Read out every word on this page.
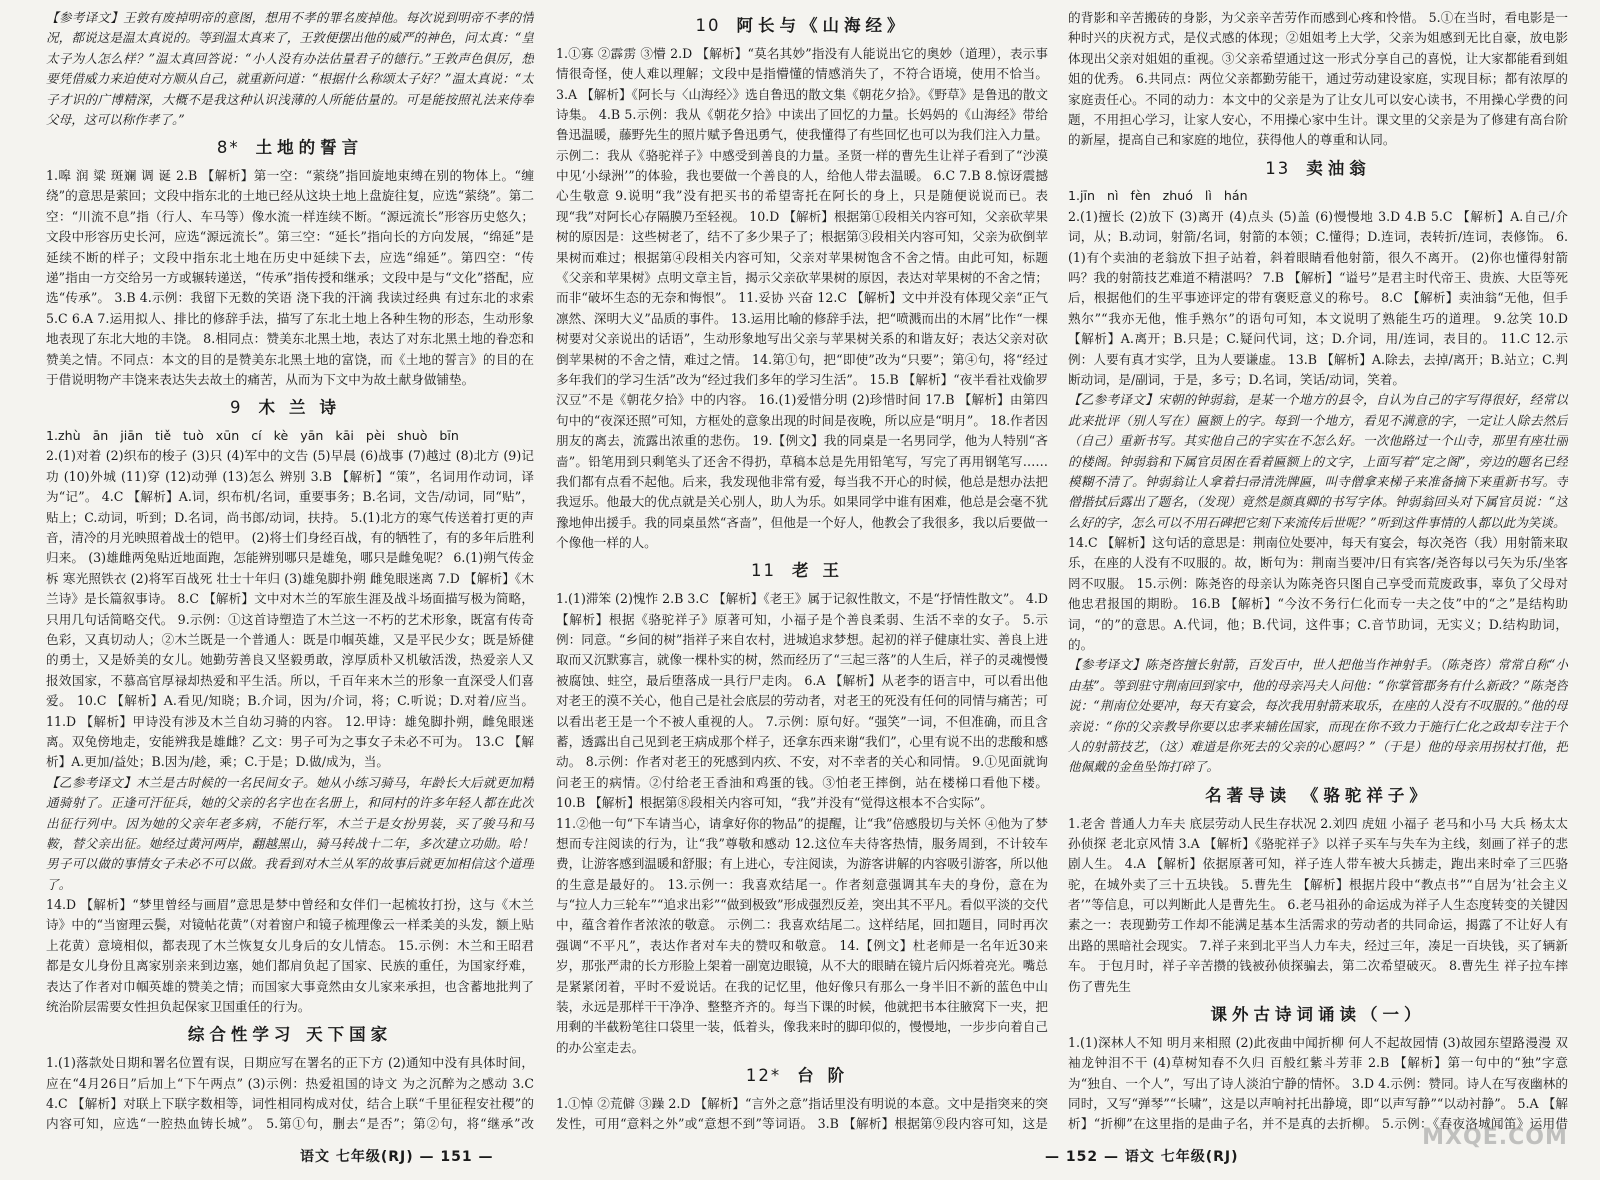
【参考译文】王敦有废掉明帝的意图，想用不孝的罪名废掉他。每次说到明帝不孝的情况，都说这是温太真说的。等到温太真来了，王敦便摆出他的威严的神色，问太真：“皇太子为人怎么样？”温太真回答说：“小人没有办法估量君子的德行。”王敦声色俱厉，想要凭借威力来迫使对方顺从自己，就重新问道：“根据什么称颂太子好？”温太真说：“太子才识的广博精深，大概不是我这种认识浅薄的人所能估量的。可是能按照礼法来侍奉父母，这可以称作孝了。”

8* 土地的誓言

1.嗥 润 粱 斑斓 调 诞 2.B 【解析】第一空：“萦绕”指回旋地束缚在别的物体上。“缠绕”的意思是萦回；文段中指东北的土地已经从这块土地上盘旋往复，应选“萦绕”。第二空：“川流不息”指（行人、车马等）像水流一样连续不断。“源远流长”形容历史悠久；文段中形容历史长河，应选“源远流长”。第三空：“延长”指向长的方向发展，“绵延”是延续不断的样子；文段中指东北土地在历史中延续下去，应选“绵延”。第四空：“传递”指由一方交给另一方或辗转递送，“传承”指传授和继承；文段中是与“文化”搭配，应选“传承”。 3.B 4.示例：我留下无数的笑语 浇下我的汗滴 我读过经典 有过东北的求索 5.C 6.A 7.运用拟人、排比的修辞手法，描写了东北土地上各种生物的形态，生动形象地表现了东北大地的丰饶。 8.相同点：赞美东北黑土地，表达了对东北黑土地的眷恋和赞美之情。不同点：本文的目的是赞美东北黑土地的富饶，而《土地的誓言》的目的在于借说明物产丰饶来表达失去故土的痛苦，从而为下文中为故土献身做铺垫。

9 木兰诗

1.zhù ān jiān tiě tuò xūn cí kè yān kāi pèi shuò bīn

2.(1)对着 (2)织布的梭子 (3)只 (4)军中的文告 (5)早晨 (6)战事 (7)越过 (8)北方 (9)记功 (10)外城 (11)穿 (12)动弹 (13)怎么 辨别 3.B 【解析】“策”，名词用作动词，译为“记”。 4.C 【解析】A.词，织布机/名词，重要事务；B.名词，文告/动词，同“贴”，贴上；C.动词，听到；D.名词，尚书郎/动词，扶持。 5.(1)北方的寒气传送着打更的声音，清冷的月光映照着战士的铠甲。 (2)将士们身经百战，有的牺牲了，有的多年后胜利归来。 (3)雄雌两兔贴近地面跑，怎能辨别哪只是雄兔，哪只是雌兔呢？ 6.(1)朔气传金柝 寒光照铁衣 (2)将军百战死 壮士十年归 (3)雄兔脚扑朔 雌兔眼迷离 7.D 【解析】《木兰诗》是长篇叙事诗。 8.C 【解析】文中对木兰的军旅生涯及战斗场面描写极为简略，只用几句话简略交代。 9.示例：①这首诗塑造了木兰这一不朽的艺术形象，既富有传奇色彩，又真切动人；②木兰既是一个普通人：既是巾帼英雄，又是平民少女；既是矫健的勇士，又是娇美的女儿。她勤劳善良又坚毅勇敢，淳厚质朴又机敏活泼，热爱亲人又报效国家，不慕高官厚禄却热爱和平生活。所以，千百年来木兰的形象一直深受人们喜爱。 10.C 【解析】A.看见/知晓；B.介词，因为/介词，将；C.听说；D.对着/应当。 11.D 【解析】甲诗没有涉及木兰自幼习骑的内容。 12.甲诗：雄兔脚扑朔，雌兔眼迷离。双兔傍地走，安能辨我是雄雌？乙文：男子可为之事女子未必不可为。 13.C 【解析】A.更加/益处；B.因为/趁，乘；C.于是；D.做/成为，当。

【乙参考译文】木兰是古时候的一名民间女子。她从小练习骑马，年龄长大后就更加精通骑射了。正逢可汗征兵，她的父亲的名字也在名册上，和同村的许多年轻人都在此次出征行列中。因为她的父亲年老多病，不能行军，木兰于是女扮男装，买了骏马和马鞍，替父亲出征。她经过黄河两岸，翻越黑山，骑马转战十二年，多次建立功勋。哈！男子可以做的事情女子未必不可以做。我看到对木兰从军的故事后就更加相信这个道理了。

14.D 【解析】“梦里曾经与画眉”意思是梦中曾经和女伴们一起梳妆打扮，这与《木兰诗》中的“当窗理云鬓，对镜帖花黄”（对着窗户和镜子梳理像云一样柔美的头发，额上贴上花黄）意境相似，都表现了木兰恢复女儿身后的女儿情态。 15.示例：木兰和王昭君都是女儿身份且离家别亲来到边塞，她们都肩负起了国家、民族的重任，为国家纾难，表达了作者对巾帼英雄的赞美之情；而国家大事竟然由女儿家来承担，也含蓄地批判了统治阶层需要女性担负起保家卫国重任的行为。

综合性学习 天下国家

1.(1)落款处日期和署名位置有误，日期应写在署名的正下方 (2)通知中没有具体时间，应在“4月26日”后加上“下午两点” (3)示例：热爱祖国的诗文 为之沉醉为之感动 3.C 4.C 【解析】对联上下联字数相等，词性相同构成对仗，结合上联“千里征程安社稷”的内容可知，应选“一腔热血铸长城”。 5.第①句，删去“是否”；第②句，将“继承”改

10 阿长与《山海经》

1.①寡 ②霹雳 ③懵 2.D 【解析】“莫名其妙”指没有人能说出它的奥妙（道理），表示事情很奇怪，使人难以理解；文段中是指懵懂的情感消失了，不符合语境，使用不恰当。 3.A 【解析】《阿长与〈山海经〉》选自鲁迅的散文集《朝花夕拾》。《野草》是鲁迅的散文诗集。 4.B 5.示例：我从《朝花夕拾》中读出了回忆的力量。长妈妈的《山海经》带给鲁迅温暖，藤野先生的照片赋予鲁迅勇气，使我懂得了有些回忆也可以为我们注入力量。 示例二：我从《骆驼祥子》中感受到善良的力量。圣贤一样的曹先生让祥子看到了“沙漠中见‘小绿洲’”的体验，我也要做一个善良的人，给他人带去温暖。 6.C 7.B 8.惊讶震撼 心生敬意 9.说明“我”没有把买书的希望寄托在阿长的身上，只是随便说说而已。表现“我”对阿长心存隔膜乃至轻视。 10.D 【解析】根据第①段相关内容可知，父亲砍苹果树的原因是：这些树老了，结不了多少果子了；根据第③段相关内容可知，父亲为砍倒苹果树而难过；根据第④段相关内容可知，父亲对苹果树饱含不舍之情。由此可知，标题《父亲和苹果树》点明文章主旨，揭示父亲砍苹果树的原因，表达对苹果树的不舍之情；而非“破坏生态的无奈和悔恨”。 11.妥协 兴奋 12.C 【解析】文中并没有体现父亲“正气凛然、深明大义”品质的事件。 13.运用比喻的修辞手法，把“喷溅而出的木屑”比作“一棵树要对父亲说出的话语”，生动形象地写出父亲与苹果树关系的和谐友好；表达父亲对砍倒苹果树的不舍之情，难过之情。 14.第①句，把“即使”改为“只要”；第④句，将“经过多年我们的学习生活”改为“经过我们多年的学习生活”。 15.B 【解析】“夜半看社戏偷罗汉豆”不是《朝花夕拾》中的内容。 16.(1)爱惜分明 (2)珍惜时间 17.B 【解析】由第四句中的“夜深还照”可知，方框处的意象出现的时间是夜晚，所以应是“明月”。 18.作者因朋友的离去，流露出浓重的悲伤。 19.【例文】我的同桌是一名男同学，他为人特别“吝啬”。铅笔用到只剩笔头了还舍不得扔，草稿本总是先用铅笔写，写完了再用钢笔写……我们都有点看不起他。后来，我发现他非常有爱，每当我不开心的时候，他总是想办法把我逗乐。他最大的优点就是关心别人，助人为乐。如果同学中谁有困难，他总是会毫不犹豫地伸出援手。我的同桌虽然“吝啬”，但他是一个好人，他教会了我很多，我以后要做一个像他一样的人。

11 老王

1.(1)滞笨 (2)愧怍 2.B 3.C 【解析】《老王》属于记叙性散文，不是“抒情性散文”。 4.D 【解析】根据《骆驼祥子》原著可知，小福子是个善良柔弱、生活不幸的女子。 5.示例：同意。“乡间的树”指祥子来自农村，进城追求梦想。起初的祥子健康壮实、善良上进取而又沉默寡言，就像一棵朴实的树，然而经历了“三起三落”的人生后，祥子的灵魂慢慢被腐蚀、蛀空，最后堕落成一具行尸走肉。 6.A 【解析】从老李的语言中，可以看出他对老王的漠不关心，他自己是社会底层的劳动者，对老王的死没有任何的同情与痛苦；可以看出老王是一个不被人重视的人。 7.示例：原句好。“强笑”一词，不但准确，而且含蓄，透露出自己见到老王病成那个样子，还拿东西来谢“我们”，心里有说不出的悲酸和感动。 8.示例：作者对老王的死感到内疚、不安，对不幸者的关心和同情。 9.①见面就询问老王的病情。②付给老王香油和鸡蛋的钱。③怕老王摔倒，站在楼梯口看他下楼。 10.B 【解析】根据第⑧段相关内容可知，“我”并没有“觉得这根本不合实际”。

11.②他一句“下车请当心，请拿好你的物品”的提醒，让“我”倍感殷切与关怀 ④他为了梦想而专注阅读的行为，让“我”尊敬和感动 12.这位车夫待客热情，服务周到，不计较车费，让游客感到温暖和舒服；有上进心，专注阅读，为游客讲解的内容吸引游客，所以他的生意是最好的。 13.示例一：我喜欢结尾一。作者刻意强调其车夫的身份，意在为与“拉人力三轮车”“追求出彩”“做到极致”形成强烈反差，突出其不平凡。看似平淡的交代中，蕴含着作者浓浓的敬意。 示例二：我喜欢结尾二。这样结尾，回扣题目，同时再次强调“不平凡”，表达作者对车夫的赞叹和敬意。 14.【例文】杜老师是一名年近30来岁，那张严肃的长方形脸上架着一副宽边眼镜，从不大的眼睛在镜片后闪烁着亮光。嘴总是紧紧闭着，平时不爱说话。在我的记忆里，他好像只有那么一身半旧不新的蓝色中山装，永远是那样干干净净、整整齐齐的。每当下课的时候，他就把书本往腋窝下一夹，把用剩的半截粉笔往口袋里一装，低着头，像我来时的脚印似的，慢慢地，一步步向着自己的办公室走去。

12* 台阶

1.①悼 ②荒僻 ③躁 2.D 【解析】“言外之意”指话里没有明说的本意。文中是指突来的突发性，可用“意料之外”或“意想不到”等词语。 3.B 【解析】根据第⑨段内容可知，这是

的背影和辛苦搬砖的身影，为父亲辛苦劳作而感到心疼和怜惜。 5.①在当时，看电影是一种时兴的庆祝方式，是仪式感的体现；②姐姐考上大学，父亲为姐感到无比自豪，放电影体现出父亲对姐姐的重视。③父亲希望通过这一形式分享自己的喜悦，让大家都能看到姐姐的优秀。 6.共同点：两位父亲都勤劳能干，通过劳动建设家庭，实现目标；都有浓厚的家庭责任心。不同的动力：本文中的父亲是为了让女儿可以安心读书，不用操心学费的问题，不用担心学习，让家人安心，不用操心家中生计。课文里的父亲是为了修建有高台阶的新屋，提高自己和家庭的地位，获得他人的尊重和认同。

13 卖油翁

1.jīn nì fèn zhuó lì hán

2.(1)擅长 (2)放下 (3)离开 (4)点头 (5)盖 (6)慢慢地 3.D 4.B 5.C 【解析】A.自己/介词，从；B.动词，射箭/名词，射箭的本领；C.懂得；D.连词，表转折/连词，表修饰。 6.(1)有个卖油的老翁放下担子站着，斜着眼睛看他射箭，很久不离开。 (2)你也懂得射箭吗？我的射箭技艺难道不精湛吗？ 7.B 【解析】“谥号”是君主时代帝王、贵族、大臣等死后，根据他们的生平事迹评定的带有褒贬意义的称号。 8.C 【解析】卖油翁“无他，但手熟尔”“我亦无他，惟手熟尔”的语句可知，本文说明了熟能生巧的道理。 9.忿笑 10.D 【解析】A.离开；B.只是；C.疑问代词，这；D.介词，用/连词，表目的。 11.C 12.示例：人要有真才实学，且为人要谦虚。 13.B 【解析】A.除去，去掉/离开；B.站立；C.判断动词，是/副词，于是，多亏；D.名词，笑话/动词，笑着。

【乙参考译文】宋朝的钟弱翁，是某一个地方的县令，自认为自己的字写得很好，经常以此来批评（别人写在）匾额上的字。每到一个地方，看见不满意的字，一定让人除去然后（自己）重新书写。其实他自己的字实在不怎么好。一次他路过一个山寺，那里有座壮丽的楼阁。钟弱翁和下属官员困在看着匾额上的文字，上面写着“定之阁”，旁边的题名已经模糊不清了。钟弱翁让人拿着扫帚清洗牌匾，叫寺僧拿来梯子来准备摘下来重新书写。寺僧揩拭后露出了题名，（发现）竟然是颜真卿的书写字体。钟弱翁回头对下属官员说：“这么好的字，怎么可以不用石碑把它刻下来流传后世呢？”听到这件事情的人都以此为笑谈。

14.C 【解析】这句话的意思是：荆南位处要冲，每天有宴会，每次尧咨（我）用射箭来取乐，在座的人没有不叹服的。故，断句为：荆南当要冲/日有宾客/尧咨每以弓矢为乐/坐客罔不叹服。 15.示例：陈尧咨的母亲认为陈尧咨只图自己享受而荒废政事，辜负了父母对他忠君报国的期盼。 16.B 【解析】“今汝不务行仁化而专一夫之伎”中的“之”是结构助词，“的”的意思。A.代词，他；B.代词，这件事；C.音节助词，无实义；D.结构助词，的。

【参考译文】陈尧咨擅长射箭，百发百中，世人把他当作神射手。（陈尧咨）常常自称“小由基”。等到驻守荆南回到家中，他的母亲冯夫人问他：“你掌管郡务有什么新政？”陈尧咨说：“荆南位处要冲，每天有宴会，每次我用射箭来取乐，在座的人没有不叹服的。”他的母亲说：“你的父亲教导你要以忠孝来辅佐国家，而现在你不致力于施行仁化之政却专注于个人的射箭技艺，（这）难道是你死去的父亲的心愿吗？”（于是）他的母亲用拐杖打他，把他佩戴的金鱼坠饰打碎了。

名著导读 《骆驼祥子》

1.老舍 普通人力车夫 底层劳动人民生存状况 2.刘四 虎妞 小福子 老马和小马 大兵 杨太太 孙侦探 老北京风情 3.A 【解析】《骆驼祥子》以祥子买车与失车为主线，刻画了祥子的悲剧人生。 4.A 【解析】依据原著可知，祥子连人带车被大兵掳走，跑出来时牵了三匹骆驼，在城外卖了三十五块钱。 5.曹先生 【解析】根据片段中“教点书”“自居为‘社会主义者’”等信息，可以判断此人是曹先生。 6.老马祖孙的命运成为祥子人生态度转变的关键因素之一：表现勤劳工作却不能满足基本生活需求的劳动者的共同命运，揭露了不让好人有出路的黑暗社会现实。 7.祥子来到北平当人力车夫，经过三年，凑足一百块钱，买了辆新车。 于包月时，祥子辛苦攒的钱被孙侦探骗去，第二次希望破灭。 8.曹先生 祥子拉车摔伤了曹先生

课外古诗词诵读（一）

1.(1)深林人不知 明月来相照 (2)此夜曲中闻折柳 何人不起故园情 (3)故园东望路漫漫 双袖龙钟泪不干 (4)草树知春不久归 百般红紫斗芳菲 2.B 【解析】第一句中的“独”字意为“独自、一个人”，写出了诗人淡泊宁静的情怀。 3.D 4.示例：赞同。诗人在写夜幽林的同时，又写“弹琴”“长啸”，这是以声响衬托出静境，即“以声写静”“以动衬静”。 5.A 【解析】“折柳”在这里指的是曲子名，并不是真的去折柳。 5.示例：《春夜洛城闻笛》运用借

语文 七年级(RJ) — 151 —	— 152 — 语文 七年级(RJ)
MXQE.COM
